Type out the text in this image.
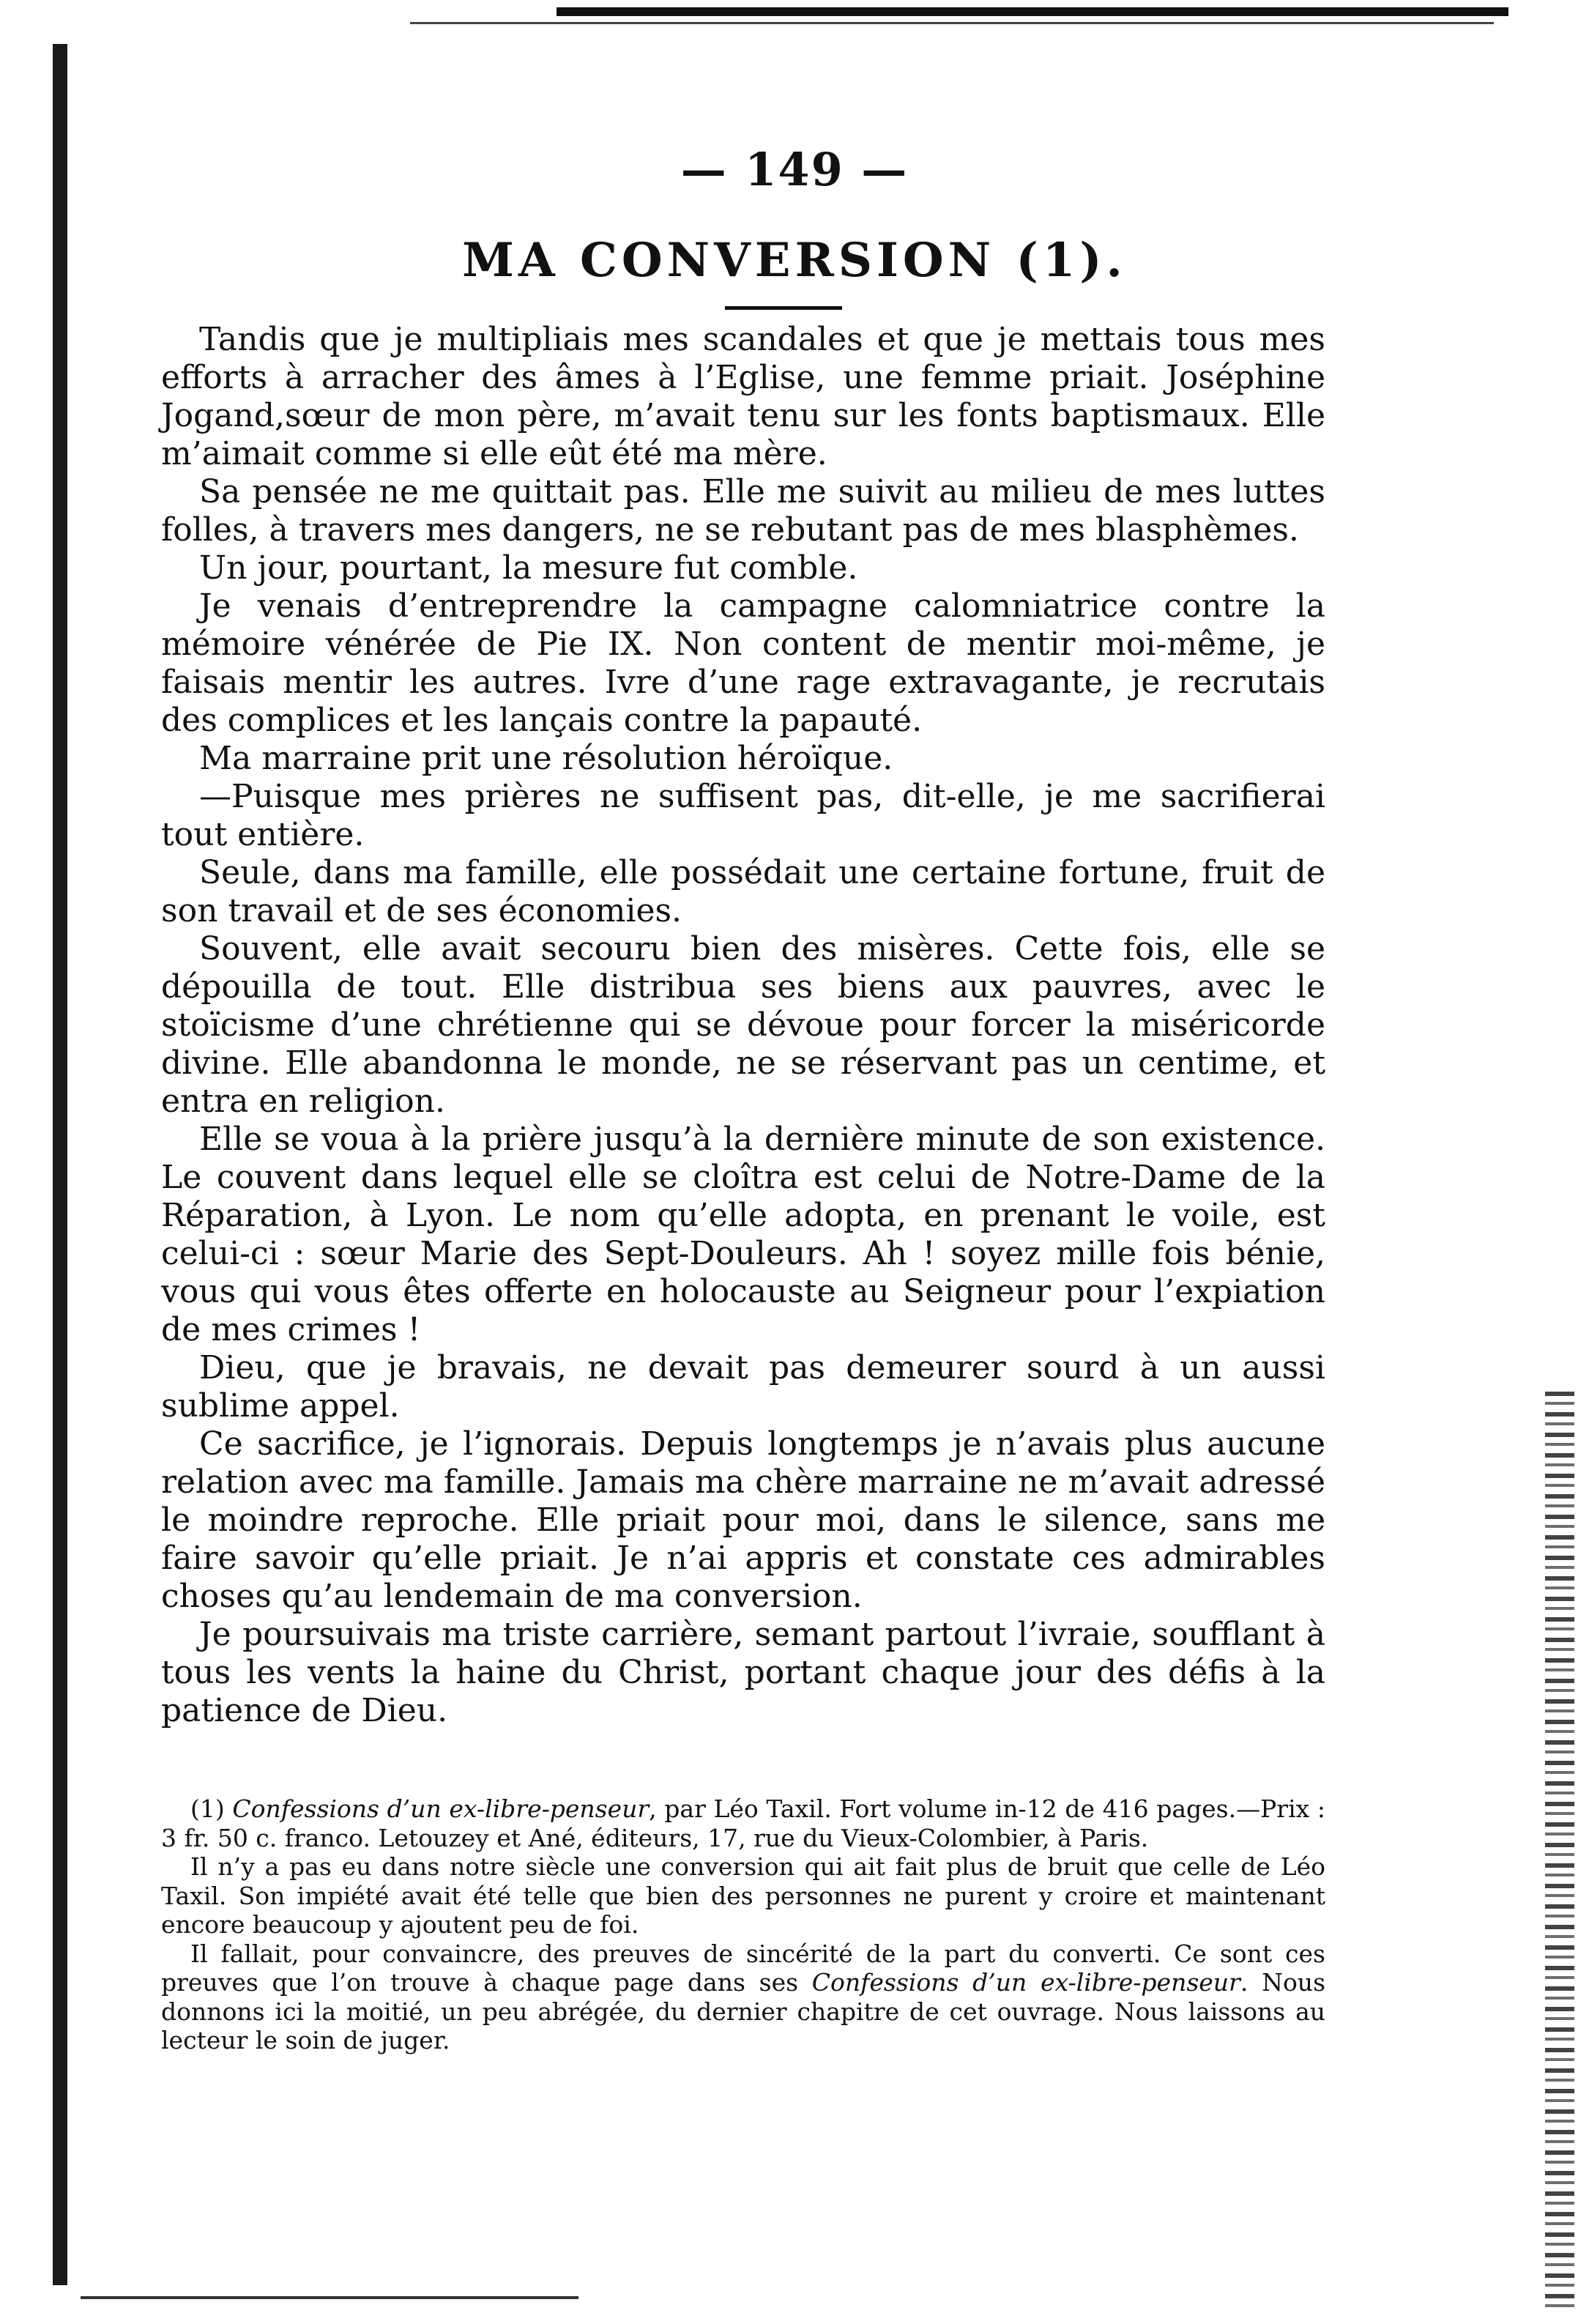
— 149 —
MA CONVERSION (1).

Tandis que je multipliais mes scandales et que je mettais tous mes efforts à arracher des âmes à l’Eglise, une femme priait. Joséphine Jogand,sœur de mon père, m’avait tenu sur les fonts baptismaux. Elle m’aimait comme si elle eût été ma mère.

Sa pensée ne me quittait pas. Elle me suivit au milieu de mes luttes folles, à travers mes dangers, ne se rebutant pas de mes blasphèmes.

Un jour, pourtant, la mesure fut comble.

Je venais d’entreprendre la campagne calomniatrice contre la mémoire vénérée de Pie IX. Non content de mentir moi-même, je faisais mentir les autres. Ivre d’une rage extravagante, je recrutais des complices et les lançais contre la papauté.

Ma marraine prit une résolution héroïque.

—Puisque mes prières ne suffisent pas, dit-elle, je me sacrifierai tout entière.

Seule, dans ma famille, elle possédait une certaine fortune, fruit de son travail et de ses économies.

Souvent, elle avait secouru bien des misères. Cette fois, elle se dépouilla de tout. Elle distribua ses biens aux pauvres, avec le stoïcisme d’une chrétienne qui se dévoue pour forcer la miséricorde divine. Elle abandonna le monde, ne se réservant pas un centime, et entra en religion.

Elle se voua à la prière jusqu’à la dernière minute de son existence. Le couvent dans lequel elle se cloîtra est celui de Notre-Dame de la Réparation, à Lyon. Le nom qu’elle adopta, en prenant le voile, est celui-ci : sœur Marie des Sept-Douleurs. Ah ! soyez mille fois bénie, vous qui vous êtes offerte en holocauste au Seigneur pour l’expiation de mes crimes !

Dieu, que je bravais, ne devait pas demeurer sourd à un aussi sublime appel.

Ce sacrifice, je l’ignorais. Depuis longtemps je n’avais plus aucune relation avec ma famille. Jamais ma chère marraine ne m’avait adressé le moindre reproche. Elle priait pour moi, dans le silence, sans me faire savoir qu’elle priait. Je n’ai appris et constate ces admirables choses qu’au lendemain de ma conversion.

Je poursuivais ma triste carrière, semant partout l’ivraie, soufflant à tous les vents la haine du Christ, portant chaque jour des défis à la patience de Dieu.

(1) Confessions d’un ex-libre-penseur, par Léo Taxil. Fort volume in-12 de 416 pages.—Prix : 3 fr. 50 c. franco. Letouzey et Ané, éditeurs, 17, rue du Vieux-Colombier, à Paris.

Il n’y a pas eu dans notre siècle une conversion qui ait fait plus de bruit que celle de Léo Taxil. Son impiété avait été telle que bien des personnes ne purent y croire et maintenant encore beaucoup y ajoutent peu de foi.

Il fallait, pour convaincre, des preuves de sincérité de la part du converti. Ce sont ces preuves que l’on trouve à chaque page dans ses Confessions d’un ex-libre-penseur. Nous donnons ici la moitié, un peu abrégée, du dernier chapitre de cet ouvrage. Nous laissons au lecteur le soin de juger.
